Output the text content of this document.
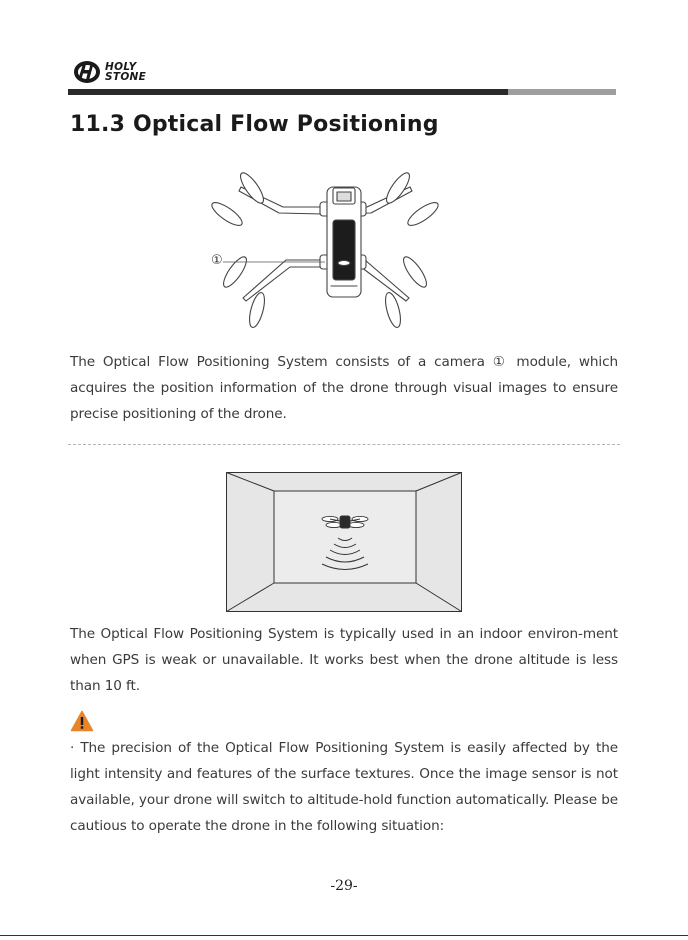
HOLY
STONE
11.3 Optical Flow Positioning
①
The Optical Flow Positioning System consists of a camera ① module, which acquires the position information of the drone through visual images to ensure precise positioning of the drone.
The Optical Flow Positioning System is typically used in an indoor environ-ment when GPS is weak or unavailable. It works best when the drone altitude is less than 10 ft.
· The precision of the Optical Flow Positioning System is easily affected by the light intensity and features of the surface textures. Once the image sensor is not available, your drone will switch to altitude-hold function automatically. Please be cautious to operate the drone in the following situation:
-29-
